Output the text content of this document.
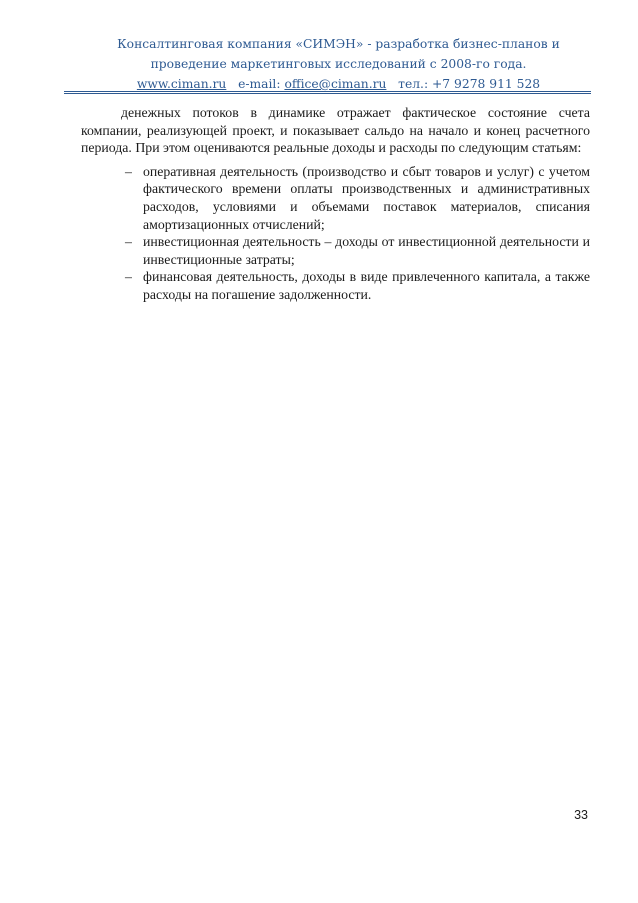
Консалтинговая компания «СИМЭН» - разработка бизнес-планов и
проведение маркетинговых исследований с 2008-го года.
www.ciman.ru e-mail: office@ciman.ru тел.: +7 9278 911 528

денежных потоков в динамике отражает фактическое состояние счета компании, реализующей проект, и показывает сальдо на начало и конец расчетного периода. При этом оцениваются реальные доходы и расходы по следующим статьям:

– оперативная деятельность (производство и сбыт товаров и услуг) с учетом фактического времени оплаты производственных и административных расходов, условиями и объемами поставок материалов, списания амортизационных отчислений;
– инвестиционная деятельность – доходы от инвестиционной деятельности и инвестиционные затраты;
– финансовая деятельность, доходы в виде привлеченного капитала, а также расходы на погашение задолженности.
33
